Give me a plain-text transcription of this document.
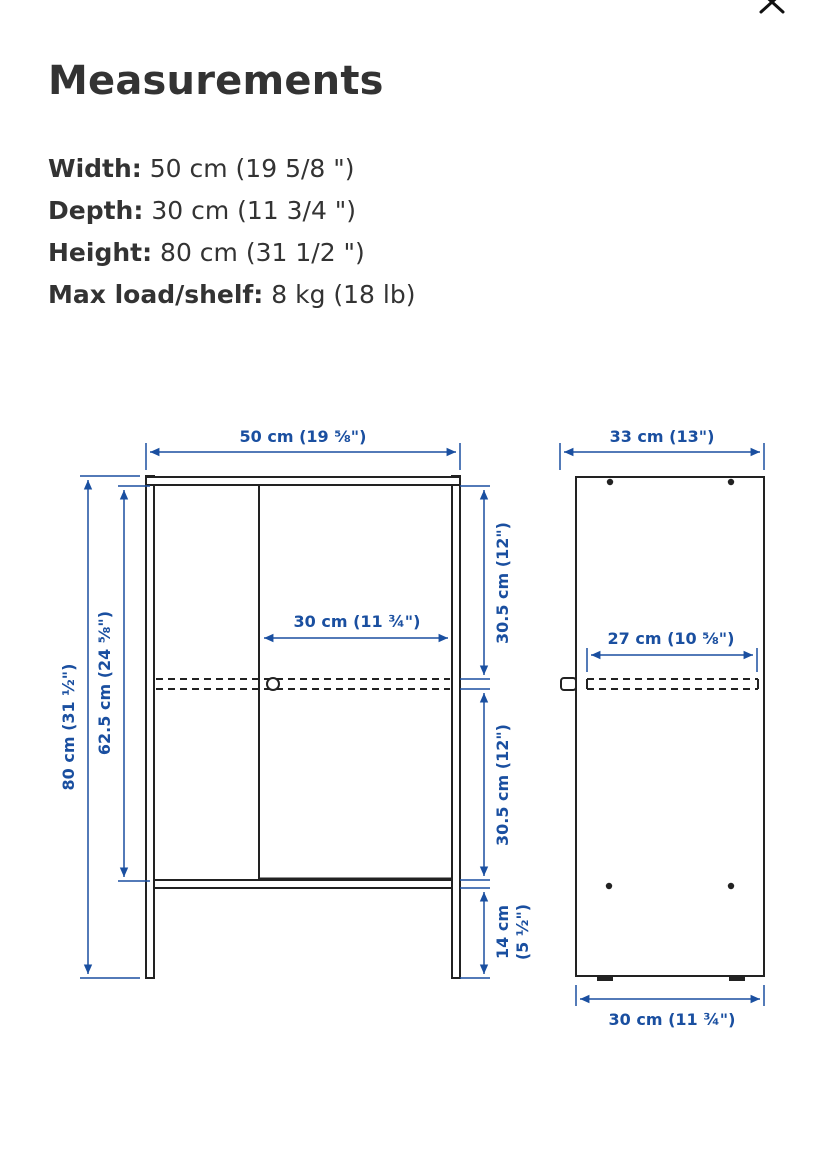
Measurements
Width: 50 cm (19 5/8 ")
Depth: 30 cm (11 3/4 ")
Height: 80 cm (31 1/2 ")
Max load/shelf: 8 kg (18 lb)
50 cm (19 ⅝")
80 cm (31 ½") 62.5 cm (24 ⅝")
30.5 cm (12")
30 cm (11 ¾")
30.5 cm (12")
14 cm (5 ½")
33 cm (13")
27 cm (10 ⅝")
30 cm (11 ¾")
